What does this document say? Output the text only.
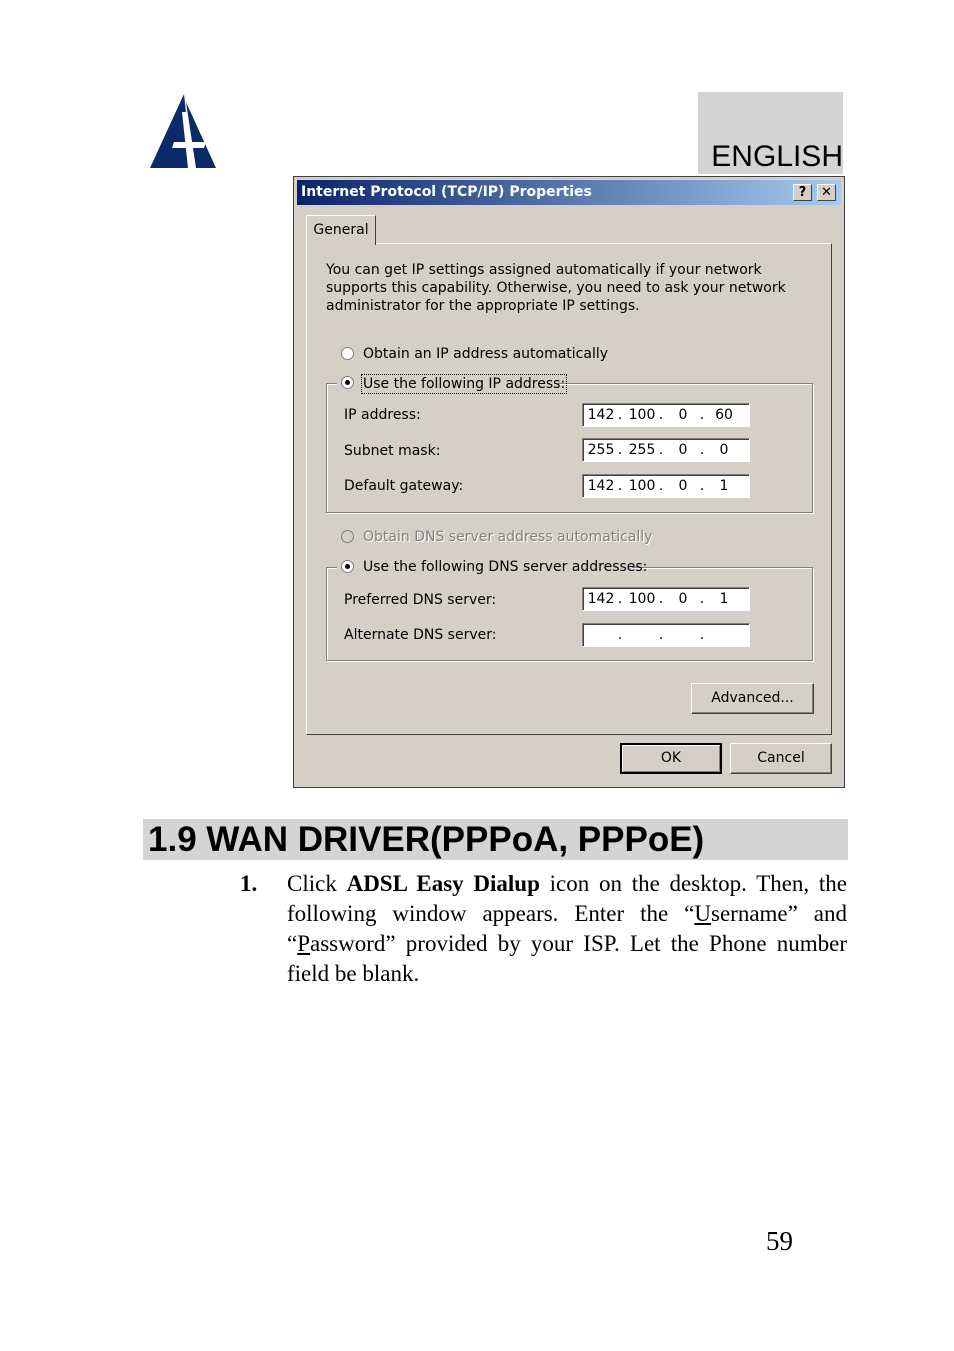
ENGLISH
Internet Protocol (TCP/IP) Properties	?	✕
General
You can get IP settings assigned automatically if your network supports this capability. Otherwise, you need to ask your network administrator for the appropriate IP settings.
Obtain an IP address automatically
Use the following IP address:
IP address:	142 . 100 .	0 . 60
Subnet mask:	255 . 255 .	0 .	0
Default gateway:	142 . 100 .	0 .	1
Obtain DNS server address automatically
Use the following DNS server addresses:
Preferred DNS server:	142 . 100 .	0 .	1
Alternate DNS server:	.	.	.
Advanced...
OK	Cancel
1.9 WAN DRIVER(PPPoA, PPPoE)
1. Click ADSL Easy Dialup icon on the desktop. Then, the following window appears. Enter the “Username” and “Password” provided by your ISP. Let the Phone number field be blank.
59
